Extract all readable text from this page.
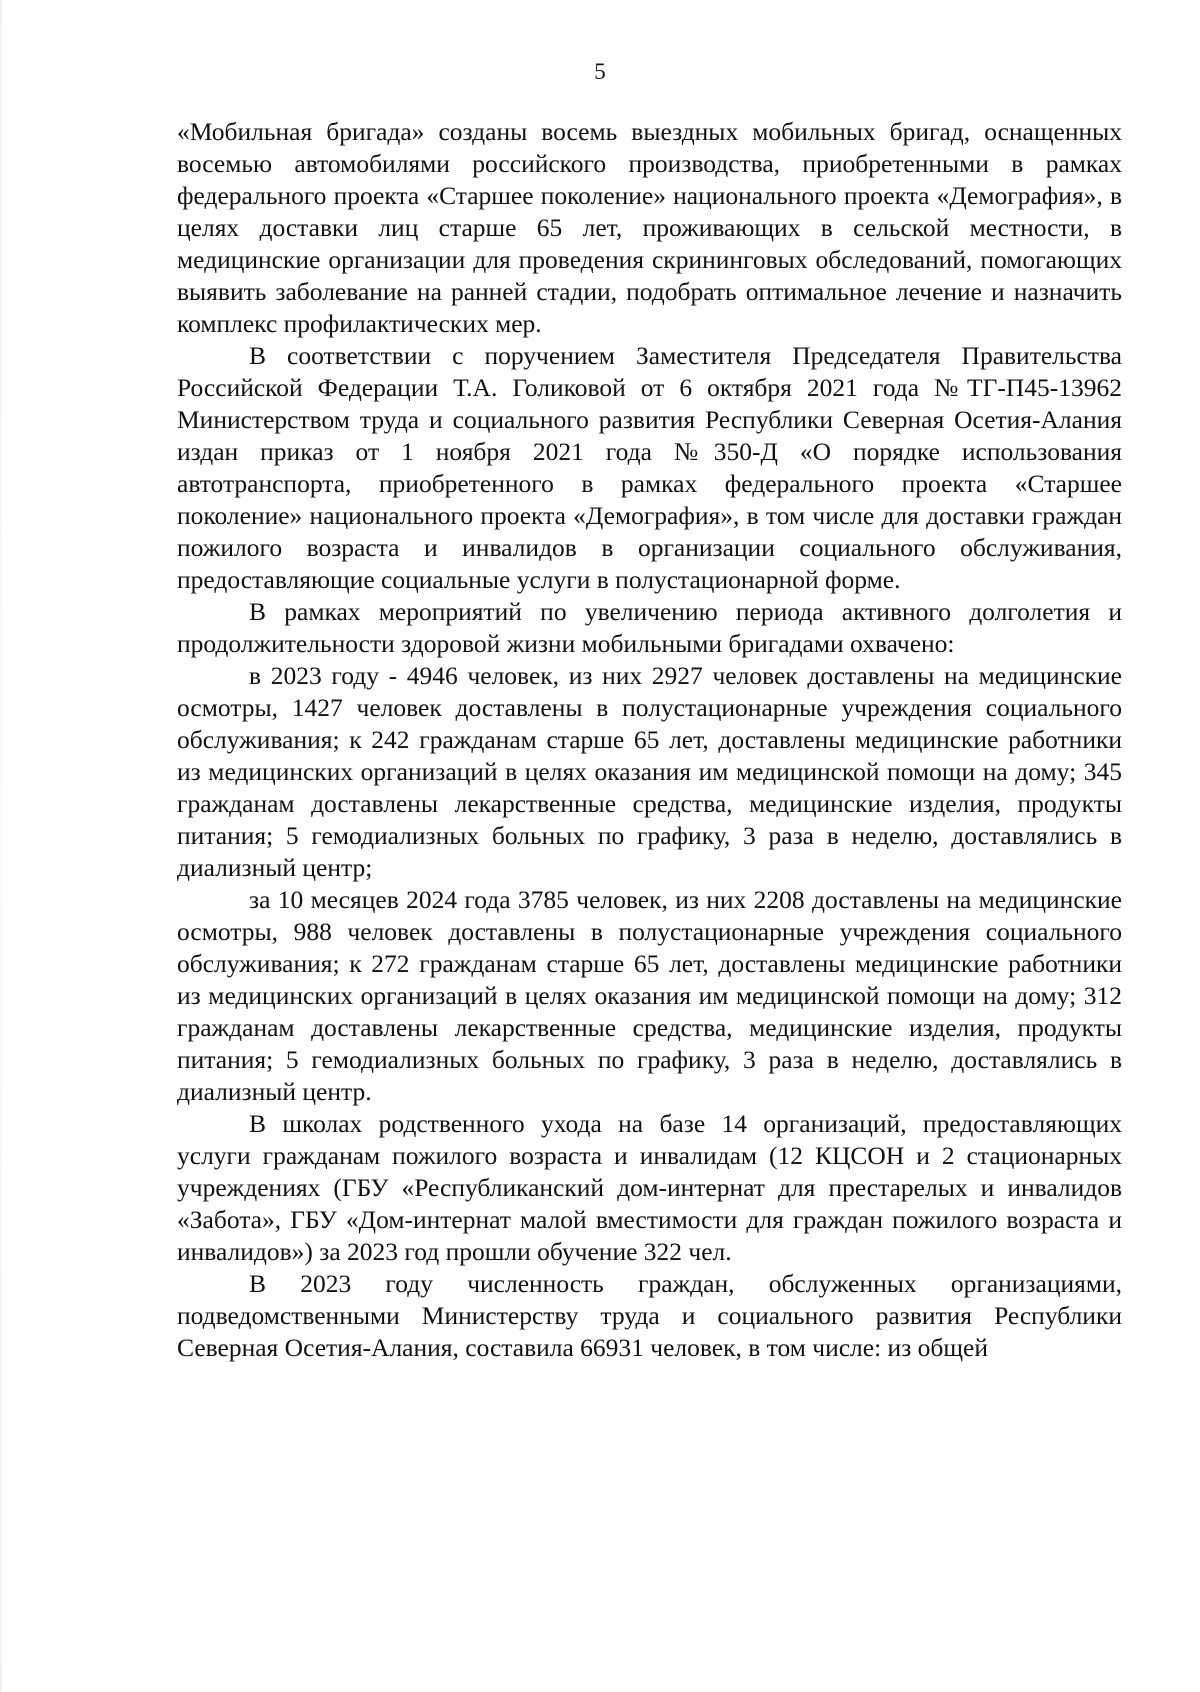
5

«Мобильная бригада» созданы восемь выездных мобильных бригад, оснащенных восемью автомобилями российского производства, приобретенными в рамках федерального проекта «Старшее поколение» национального проекта «Демография», в целях доставки лиц старше 65 лет, проживающих в сельской местности, в медицинские организации для проведения скрининговых обследований, помогающих выявить заболевание на ранней стадии, подобрать оптимальное лечение и назначить комплекс профилактических мер.

В соответствии с поручением Заместителя Председателя Правительства Российской Федерации Т.А. Голиковой от 6 октября 2021 года №ТГ-П45-13962 Министерством труда и социального развития Республики Северная Осетия-Алания издан приказ от 1 ноября 2021 года №350-Д «О порядке использования автотранспорта, приобретенного в рамках федерального проекта «Старшее поколение» национального проекта «Демография», в том числе для доставки граждан пожилого возраста и инвалидов в организации социального обслуживания, предоставляющие социальные услуги в полустационарной форме.

В рамках мероприятий по увеличению периода активного долголетия и продолжительности здоровой жизни мобильными бригадами охвачено:

в 2023 году - 4946 человек, из них 2927 человек доставлены на медицинские осмотры, 1427 человек доставлены в полустационарные учреждения социального обслуживания; к 242 гражданам старше 65 лет, доставлены медицинские работники из медицинских организаций в целях оказания им медицинской помощи на дому; 345 гражданам доставлены лекарственные средства, медицинские изделия, продукты питания; 5 гемодиализных больных по графику, 3 раза в неделю, доставлялись в диализный центр;

за 10 месяцев 2024 года 3785 человек, из них 2208 доставлены на медицинские осмотры, 988 человек доставлены в полустационарные учреждения социального обслуживания; к 272 гражданам старше 65 лет, доставлены медицинские работники из медицинских организаций в целях оказания им медицинской помощи на дому; 312 гражданам доставлены лекарственные средства, медицинские изделия, продукты питания; 5 гемодиализных больных по графику, 3 раза в неделю, доставлялись в диализный центр.

В школах родственного ухода на базе 14 организаций, предоставляющих услуги гражданам пожилого возраста и инвалидам (12 КЦСОН и 2 стационарных учреждениях (ГБУ «Республиканский дом-интернат для престарелых и инвалидов «Забота», ГБУ «Дом-интернат малой вместимости для граждан пожилого возраста и инвалидов») за 2023 год прошли обучение 322 чел.

В 2023 году численность граждан, обслуженных организациями, подведомственными Министерству труда и социального развития Республики Северная Осетия-Алания, составила 66931 человек, в том числе: из общей
